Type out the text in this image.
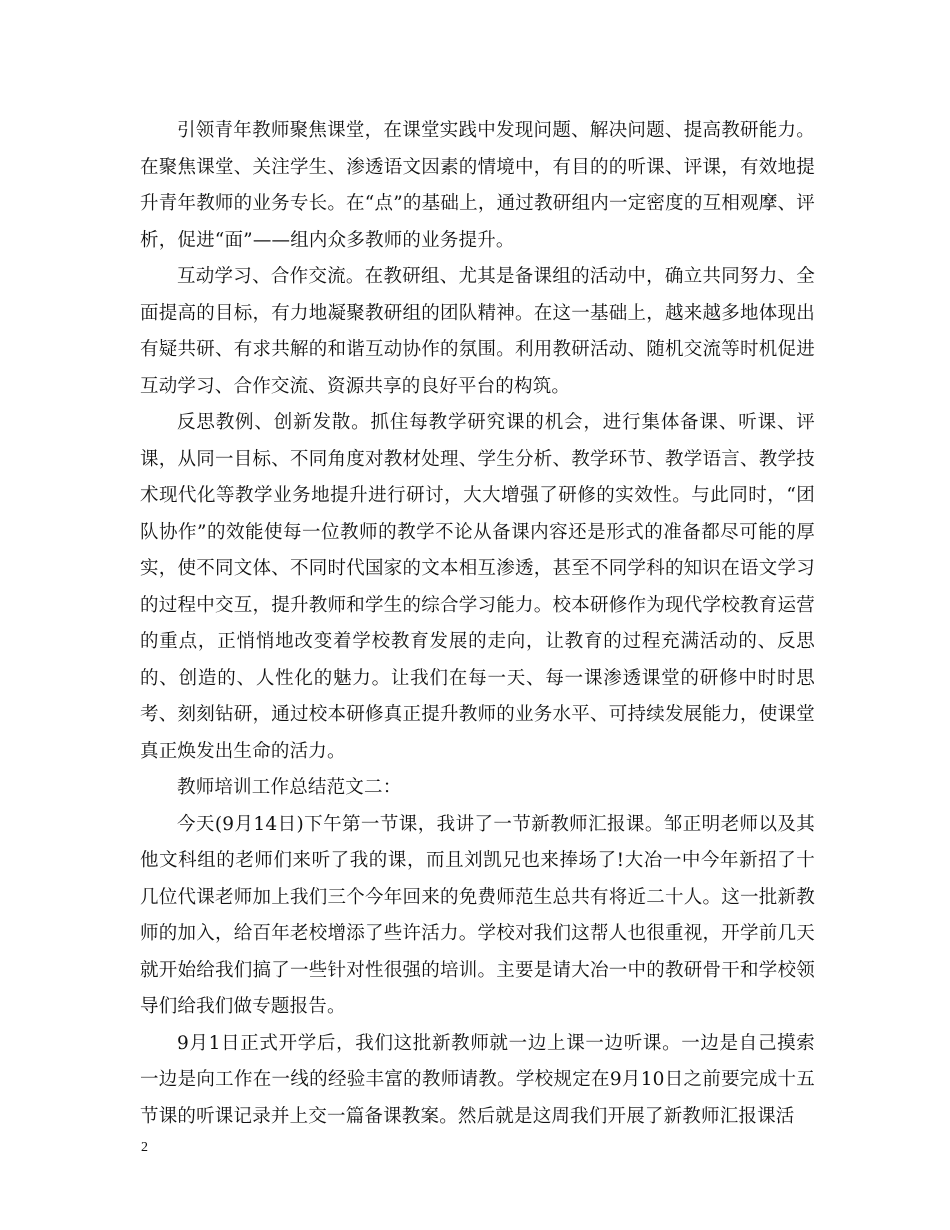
引领青年教师聚焦课堂，在课堂实践中发现问题、解决问题、提高教研能力。在聚焦课堂、关注学生、渗透语文因素的情境中，有目的的听课、评课，有效地提升青年教师的业务专长。在“点”的基础上，通过教研组内一定密度的互相观摩、评析，促进“面”——组内众多教师的业务提升。

互动学习、合作交流。在教研组、尤其是备课组的活动中，确立共同努力、全面提高的目标，有力地凝聚教研组的团队精神。在这一基础上，越来越多地体现出有疑共研、有求共解的和谐互动协作的氛围。利用教研活动、随机交流等时机促进互动学习、合作交流、资源共享的良好平台的构筑。

反思教例、创新发散。抓住每教学研究课的机会，进行集体备课、听课、评课，从同一目标、不同角度对教材处理、学生分析、教学环节、教学语言、教学技术现代化等教学业务地提升进行研讨，大大增强了研修的实效性。与此同时，“团队协作”的效能使每一位教师的教学不论从备课内容还是形式的准备都尽可能的厚实，使不同文体、不同时代国家的文本相互渗透，甚至不同学科的知识在语文学习的过程中交互，提升教师和学生的综合学习能力。校本研修作为现代学校教育运营的重点，正悄悄地改变着学校教育发展的走向，让教育的过程充满活动的、反思的、创造的、人性化的魅力。让我们在每一天、每一课渗透课堂的研修中时时思考、刻刻钻研，通过校本研修真正提升教师的业务水平、可持续发展能力，使课堂真正焕发出生命的活力。

教师培训工作总结范文二：

今天(9月14日)下午第一节课，我讲了一节新教师汇报课。邹正明老师以及其他文科组的老师们来听了我的课，而且刘凯兄也来捧场了!大冶一中今年新招了十几位代课老师加上我们三个今年回来的免费师范生总共有将近二十人。这一批新教师的加入，给百年老校增添了些许活力。学校对我们这帮人也很重视，开学前几天就开始给我们搞了一些针对性很强的培训。主要是请大冶一中的教研骨干和学校领导们给我们做专题报告。

9月1日正式开学后，我们这批新教师就一边上课一边听课。一边是自己摸索一边是向工作在一线的经验丰富的教师请教。学校规定在9月10日之前要完成十五节课的听课记录并上交一篇备课教案。然后就是这周我们开展了新教师汇报课活

2
